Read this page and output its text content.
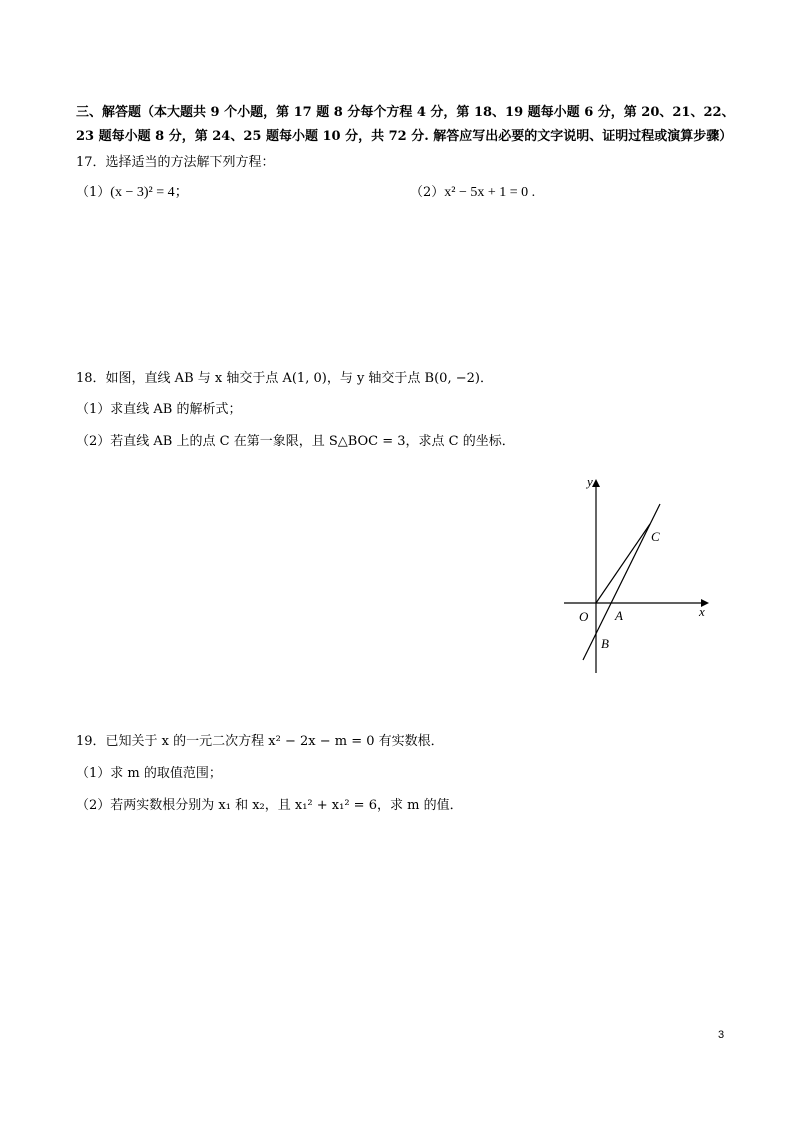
三、解答题（本大题共 9 个小题，第 17 题 8 分每个方程 4 分，第 18、19 题每小题 6 分，第 20、21、22、
23 题每小题 8 分，第 24、25 题每小题 10 分，共 72 分. 解答应写出必要的文字说明、证明过程或演算步骤）
17．选择适当的方法解下列方程：
（1）(x − 3)² = 4；	（2）x² − 5x + 1 = 0 .
18．如图，直线 AB 与 x 轴交于点 A(1, 0)，与 y 轴交于点 B(0, −2)．
（1）求直线 AB 的解析式；
（2）若直线 AB 上的点 C 在第一象限，且 S△BOC = 3，求点 C 的坐标．
y
x
O A
B
C
19．已知关于 x 的一元二次方程 x² − 2x − m = 0 有实数根．
（1）求 m 的取值范围；
（2）若两实数根分别为 x₁ 和 x₂，且 x₁² + x₁² = 6，求 m 的值．
3
